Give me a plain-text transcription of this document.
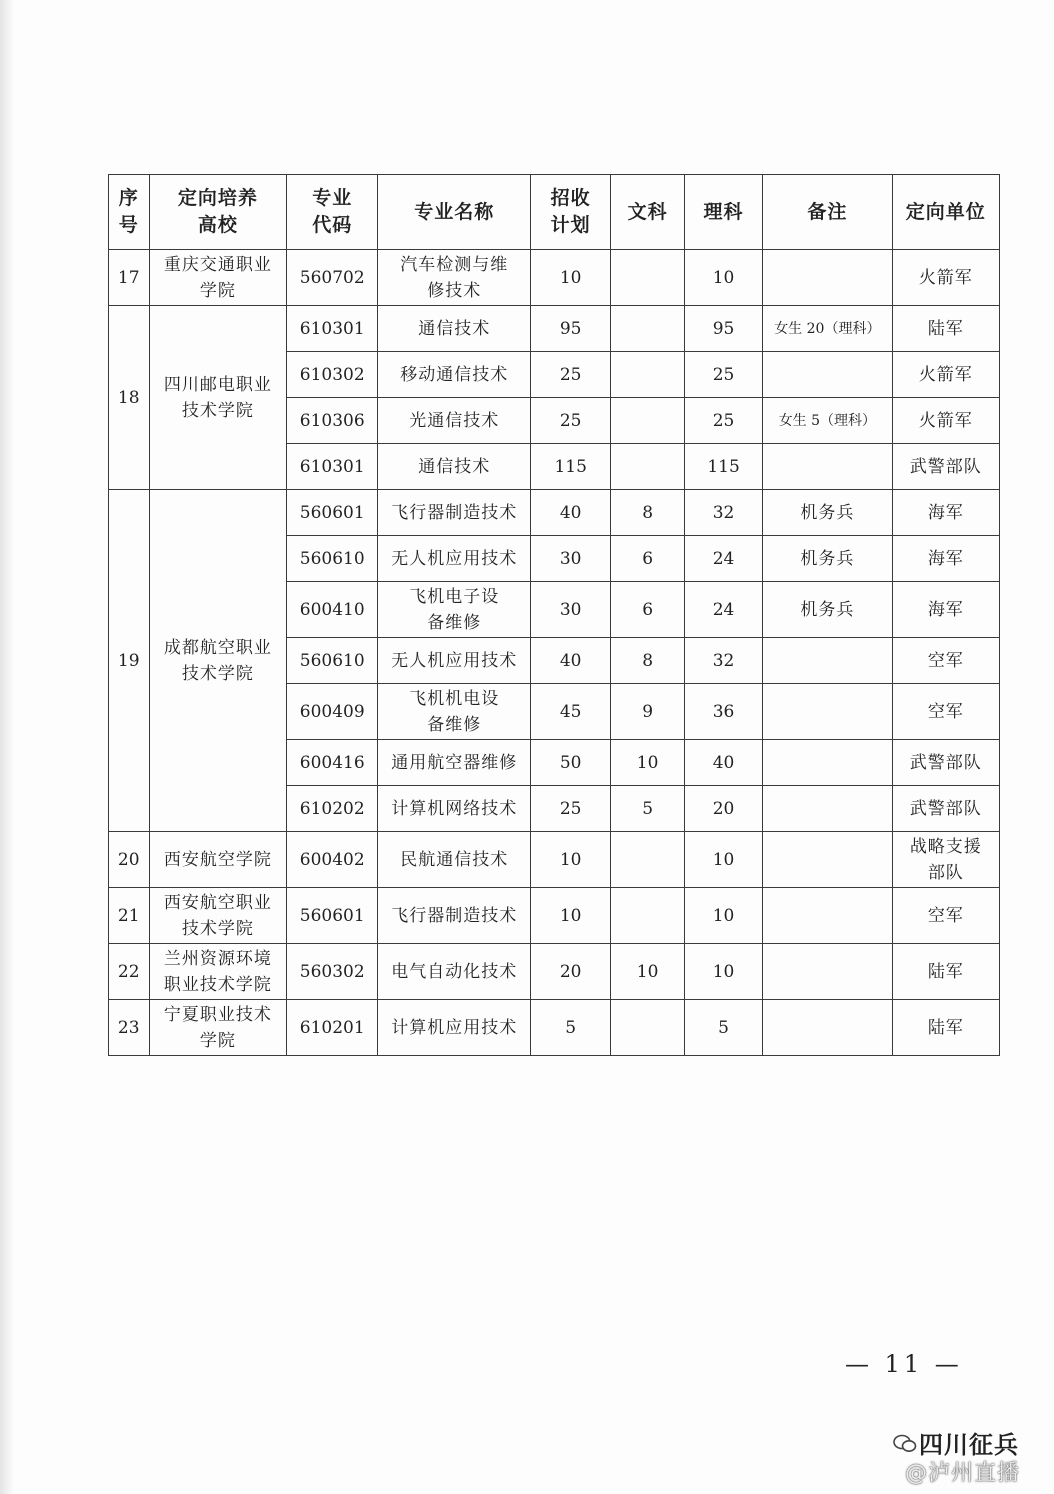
序号	定向培养高校	专业代码	专业名称	招收计划	文科	理科	备注	定向单位
17	重庆交通职业学院	560702	汽车检测与维修技术	10		10		火箭军
18	四川邮电职业技术学院	610301	通信技术	95		95	女生 20（理科）	陆军
		610302	移动通信技术	25		25		火箭军
		610306	光通信技术	25		25	女生 5（理科）	火箭军
		610301	通信技术	115		115		武警部队
19	成都航空职业技术学院	560601	飞行器制造技术	40	8	32	机务兵	海军
		560610	无人机应用技术	30	6	24	机务兵	海军
		600410	飞机电子设备维修	30	6	24	机务兵	海军
		560610	无人机应用技术	40	8	32		空军
		600409	飞机机电设备维修	45	9	36		空军
		600416	通用航空器维修	50	10	40		武警部队
		610202	计算机网络技术	25	5	20		武警部队
20	西安航空学院	600402	民航通信技术	10		10		战略支援部队
21	西安航空职业技术学院	560601	飞行器制造技术	10		10		空军
22	兰州资源环境职业技术学院	560302	电气自动化技术	20	10	10		陆军
23	宁夏职业技术学院	610201	计算机应用技术	5		5		陆军
— 11 —
四川征兵
@泸州直播
